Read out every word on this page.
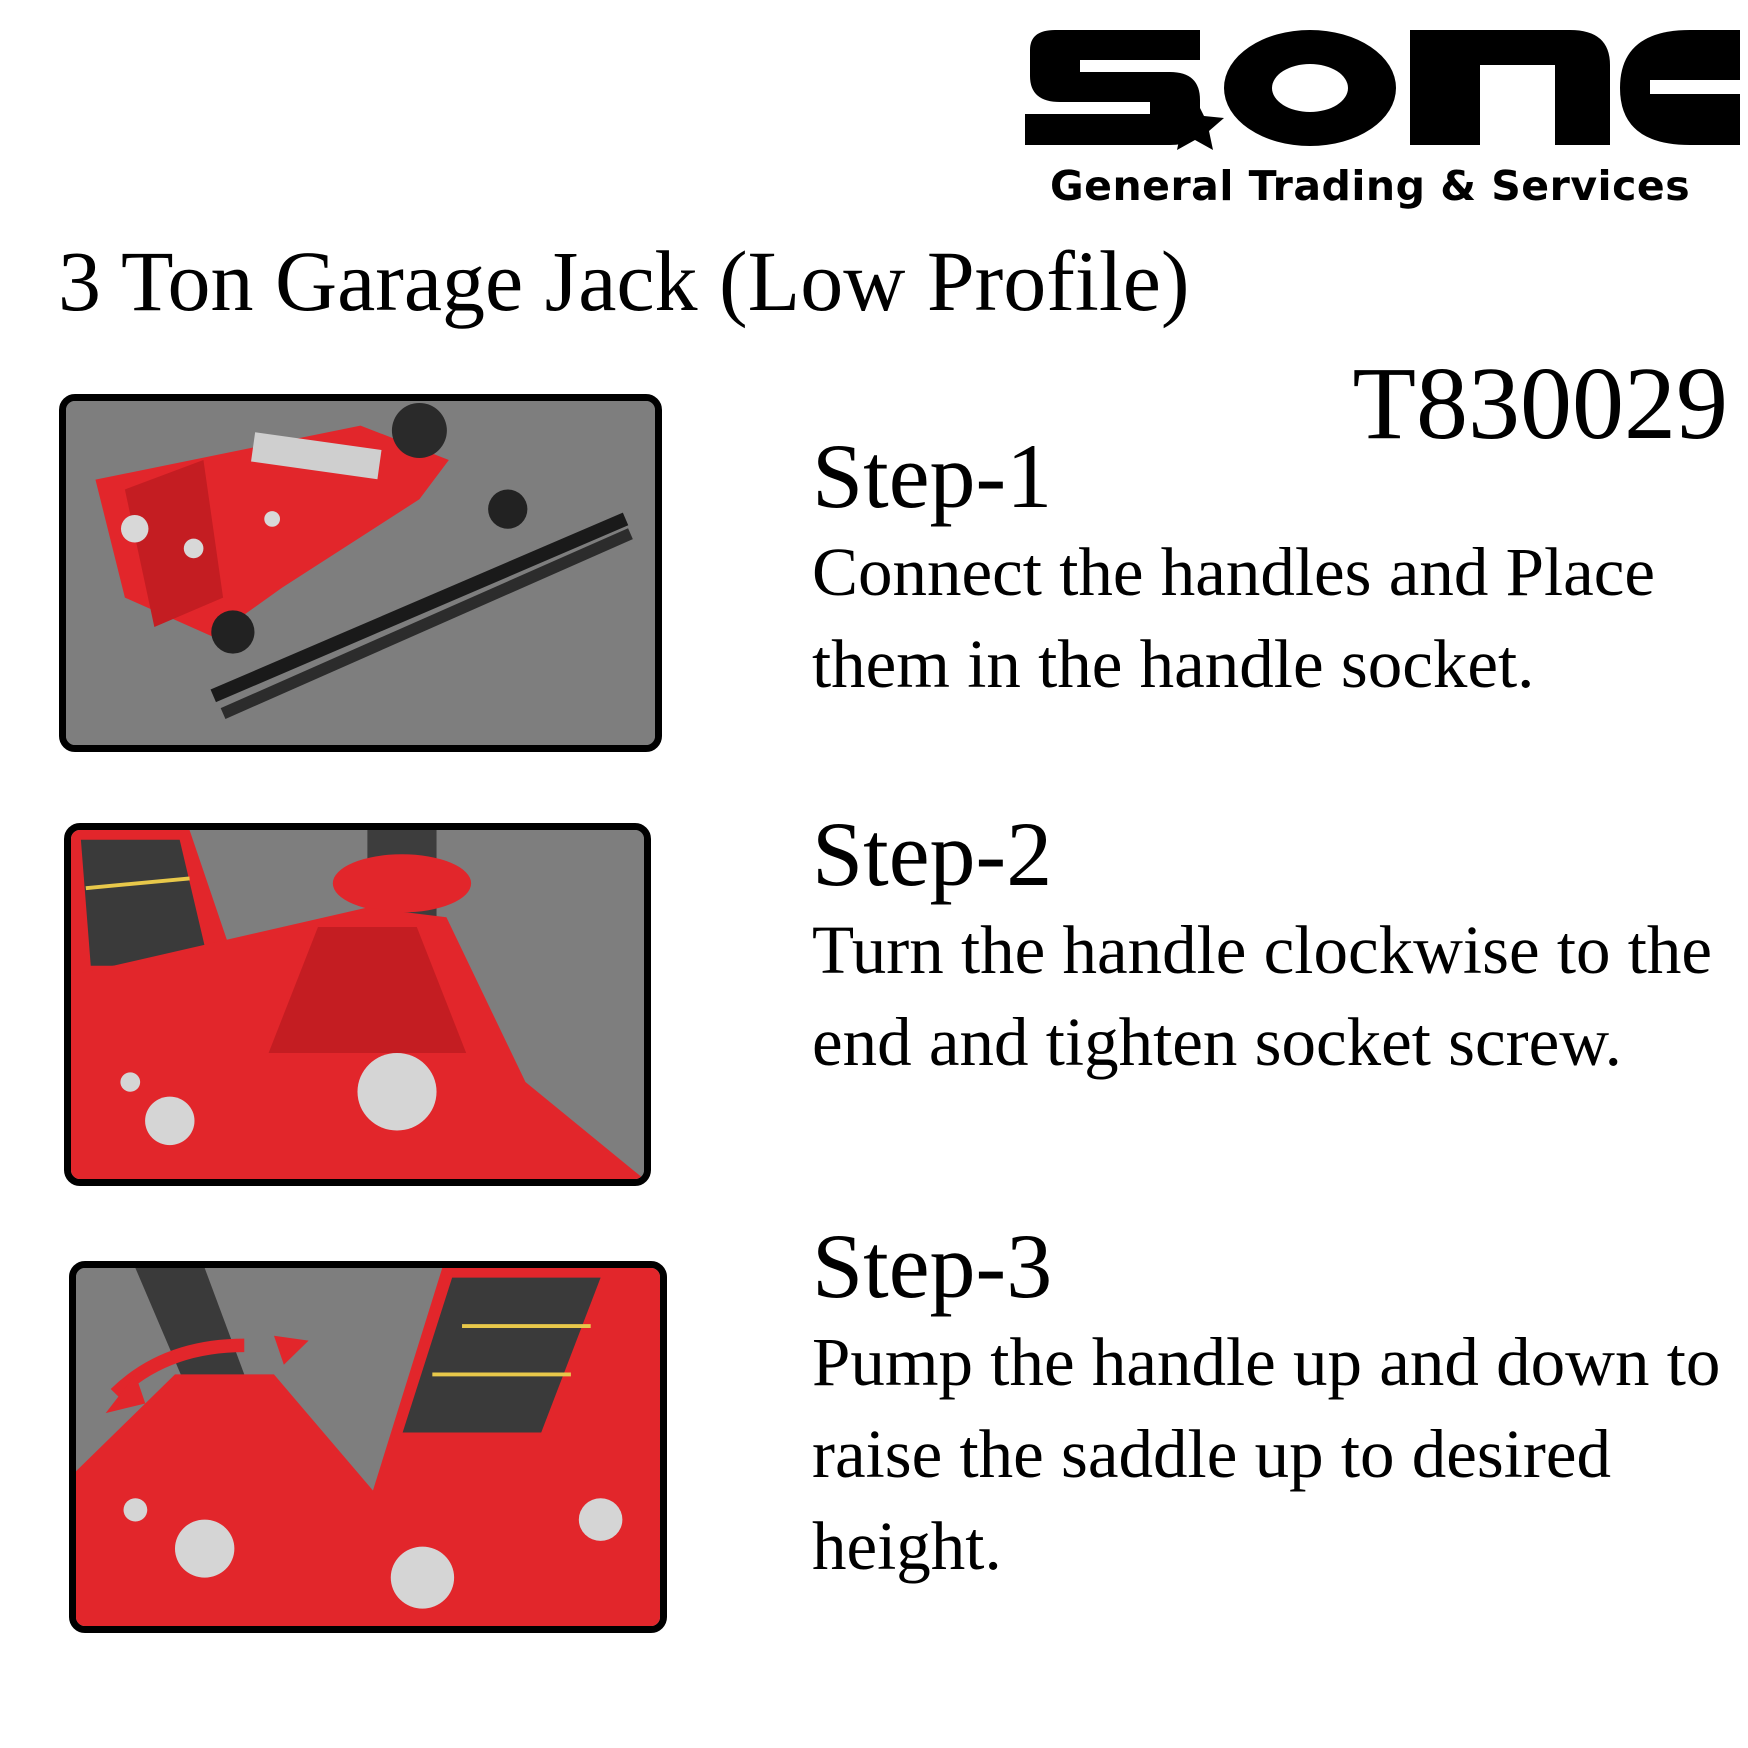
General Trading & Services
3 Ton Garage Jack (Low Profile)
T830029
Step-1
Connect the handles and Place them in the handle socket.
Step-2
Turn the handle clockwise to the end and tighten socket screw.
Step-3
Pump the handle up and down to raise the saddle up to desired height.
